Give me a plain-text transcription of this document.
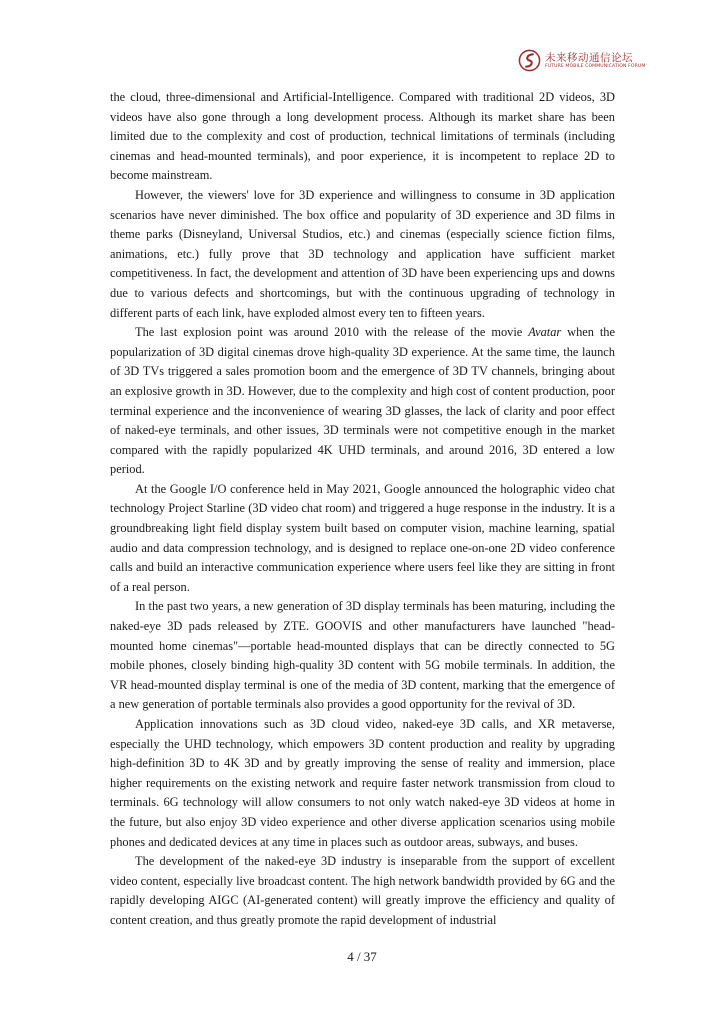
未来移动通信论坛
FUTURE MOBILE COMMUNICATION FORUM

the cloud, three-dimensional and Artificial-Intelligence. Compared with traditional 2D videos, 3D videos have also gone through a long development process. Although its market share has been limited due to the complexity and cost of production, technical limitations of terminals (including cinemas and head-mounted terminals), and poor experience, it is incompetent to replace 2D to become mainstream.

However, the viewers' love for 3D experience and willingness to consume in 3D application scenarios have never diminished. The box office and popularity of 3D experience and 3D films in theme parks (Disneyland, Universal Studios, etc.) and cinemas (especially science fiction films, animations, etc.) fully prove that 3D technology and application have sufficient market competitiveness. In fact, the development and attention of 3D have been experiencing ups and downs due to various defects and shortcomings, but with the continuous upgrading of technology in different parts of each link, have exploded almost every ten to fifteen years.

The last explosion point was around 2010 with the release of the movie Avatar when the popularization of 3D digital cinemas drove high-quality 3D experience. At the same time, the launch of 3D TVs triggered a sales promotion boom and the emergence of 3D TV channels, bringing about an explosive growth in 3D. However, due to the complexity and high cost of content production, poor terminal experience and the inconvenience of wearing 3D glasses, the lack of clarity and poor effect of naked-eye terminals, and other issues, 3D terminals were not competitive enough in the market compared with the rapidly popularized 4K UHD terminals, and around 2016, 3D entered a low period.

At the Google I/O conference held in May 2021, Google announced the holographic video chat technology Project Starline (3D video chat room) and triggered a huge response in the industry. It is a groundbreaking light field display system built based on computer vision, machine learning, spatial audio and data compression technology, and is designed to replace one-on-one 2D video conference calls and build an interactive communication experience where users feel like they are sitting in front of a real person.

In the past two years, a new generation of 3D display terminals has been maturing, including the naked-eye 3D pads released by ZTE. GOOVIS and other manufacturers have launched "head-mounted home cinemas"—portable head-mounted displays that can be directly connected to 5G mobile phones, closely binding high-quality 3D content with 5G mobile terminals. In addition, the VR head-mounted display terminal is one of the media of 3D content, marking that the emergence of a new generation of portable terminals also provides a good opportunity for the revival of 3D.

Application innovations such as 3D cloud video, naked-eye 3D calls, and XR metaverse, especially the UHD technology, which empowers 3D content production and reality by upgrading high-definition 3D to 4K 3D and by greatly improving the sense of reality and immersion, place higher requirements on the existing network and require faster network transmission from cloud to terminals. 6G technology will allow consumers to not only watch naked-eye 3D videos at home in the future, but also enjoy 3D video experience and other diverse application scenarios using mobile phones and dedicated devices at any time in places such as outdoor areas, subways, and buses.

The development of the naked-eye 3D industry is inseparable from the support of excellent video content, especially live broadcast content. The high network bandwidth provided by 6G and the rapidly developing AIGC (AI-generated content) will greatly improve the efficiency and quality of content creation, and thus greatly promote the rapid development of industrial

4 / 37
